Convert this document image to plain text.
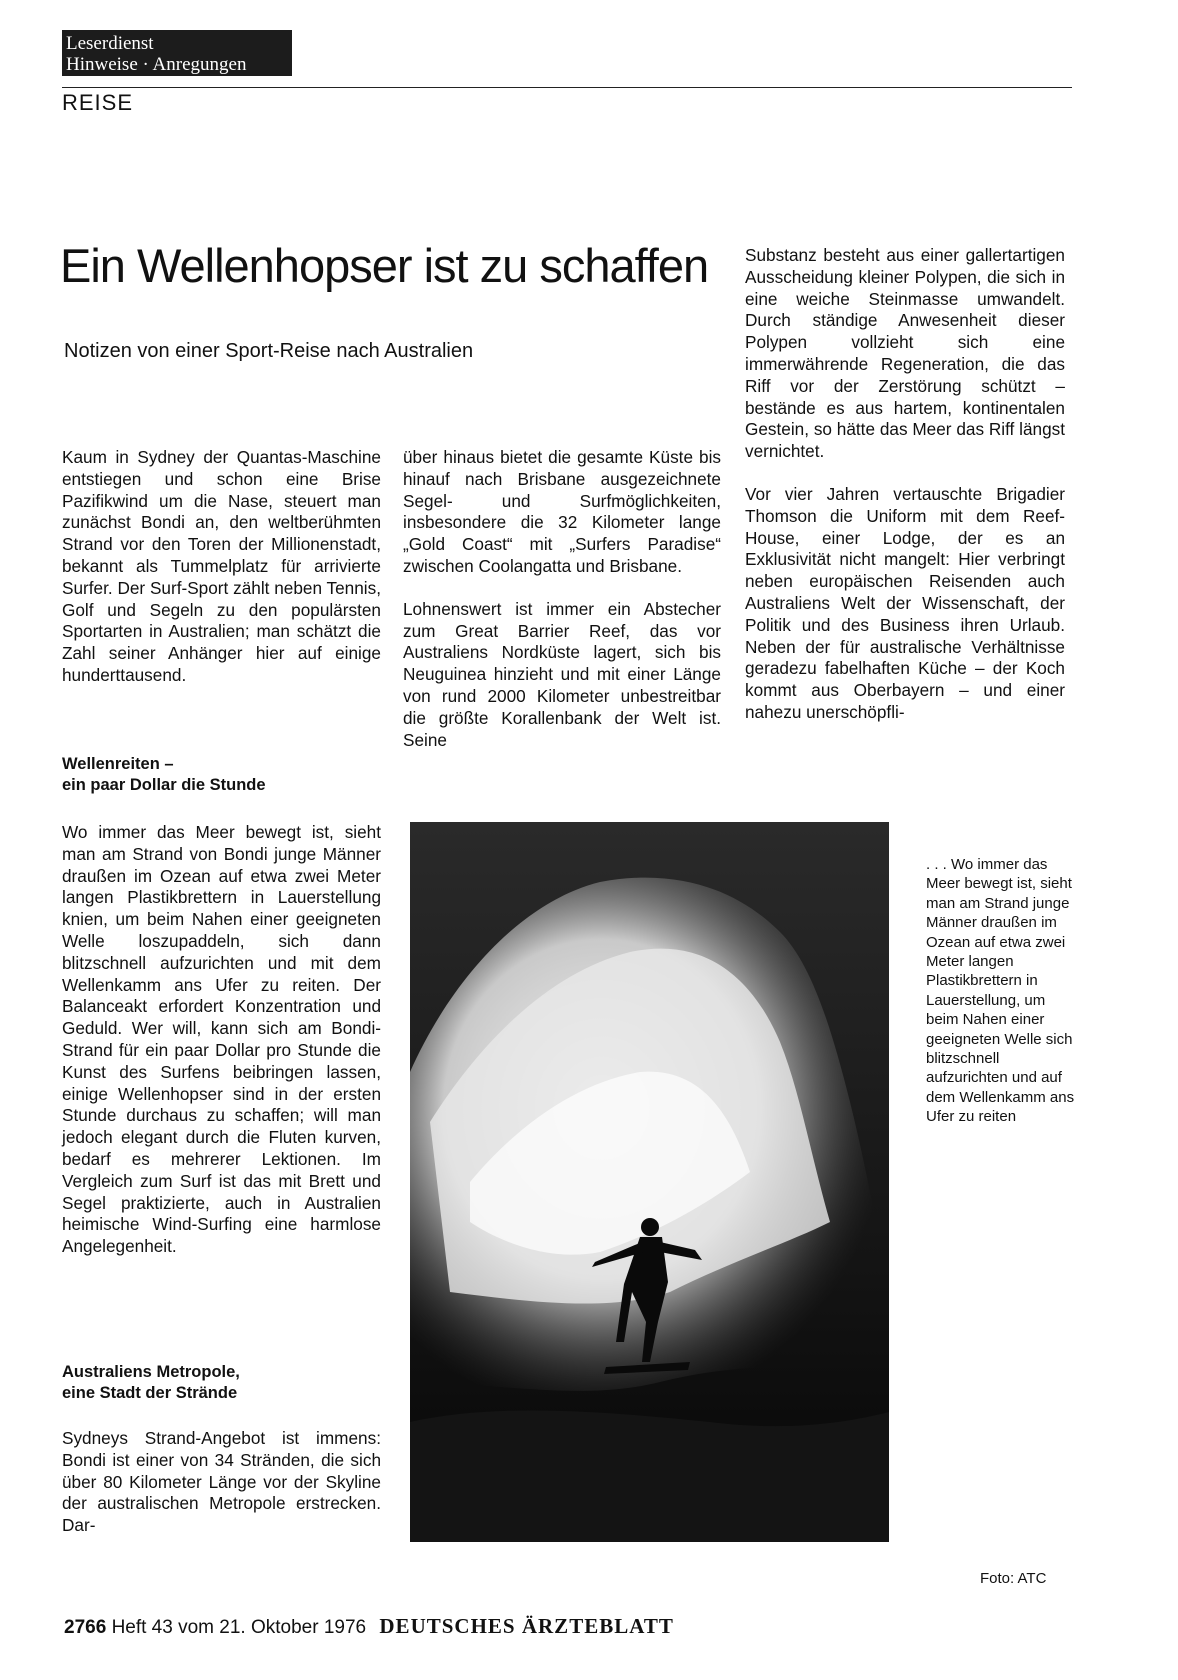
Leserdienst
Hinweise · Anregungen
REISE
Ein Wellenhopser ist zu schaffen
Notizen von einer Sport-Reise nach Australien

Kaum in Sydney der Quantas-Maschine entstiegen und schon eine Brise Pazifikwind um die Nase, steuert man zunächst Bondi an, den weltberühmten Strand vor den Toren der Millionenstadt, bekannt als Tummelplatz für arrivierte Surfer. Der Surf-Sport zählt neben Tennis, Golf und Segeln zu den populärsten Sportarten in Australien; man schätzt die Zahl seiner Anhänger hier auf einige hunderttausend.

Wellenreiten –
ein paar Dollar die Stunde

Wo immer das Meer bewegt ist, sieht man am Strand von Bondi junge Männer draußen im Ozean auf etwa zwei Meter langen Plastikbrettern in Lauerstellung knien, um beim Nahen einer geeigneten Welle loszupaddeln, sich dann blitzschnell aufzurichten und mit dem Wellenkamm ans Ufer zu reiten. Der Balanceakt erfordert Konzentration und Geduld. Wer will, kann sich am Bondi-Strand für ein paar Dollar pro Stunde die Kunst des Surfens beibringen lassen, einige Wellenhopser sind in der ersten Stunde durchaus zu schaffen; will man jedoch elegant durch die Fluten kurven, bedarf es mehrerer Lektionen. Im Vergleich zum Surf ist das mit Brett und Segel praktizierte, auch in Australien heimische Wind-Surfing eine harmlose Angelegenheit.

Australiens Metropole,
eine Stadt der Strände

Sydneys Strand-Angebot ist immens: Bondi ist einer von 34 Stränden, die sich über 80 Kilometer Länge vor der Skyline der australischen Metropole erstrecken. Dar-

über hinaus bietet die gesamte Küste bis hinauf nach Brisbane ausgezeichnete Segel- und Surfmöglichkeiten, insbesondere die 32 Kilometer lange „Gold Coast“ mit „Surfers Paradise“ zwischen Coolangatta und Brisbane.

Lohnenswert ist immer ein Abstecher zum Great Barrier Reef, das vor Australiens Nordküste lagert, sich bis Neuguinea hinzieht und mit einer Länge von rund 2000 Kilometer unbestreitbar die größte Korallenbank der Welt ist. Seine

Substanz besteht aus einer gallertartigen Ausscheidung kleiner Polypen, die sich in eine weiche Steinmasse umwandelt. Durch ständige Anwesenheit dieser Polypen vollzieht sich eine immerwährende Regeneration, die das Riff vor der Zerstörung schützt – bestände es aus hartem, kontinentalen Gestein, so hätte das Meer das Riff längst vernichtet.

Vor vier Jahren vertauschte Brigadier Thomson die Uniform mit dem Reef-House, einer Lodge, der es an Exklusivität nicht mangelt: Hier verbringt neben europäischen Reisenden auch Australiens Welt der Wissenschaft, der Politik und des Business ihren Urlaub. Neben der für australische Verhältnisse geradezu fabelhaften Küche – der Koch kommt aus Oberbayern – und einer nahezu unerschöpfli-

. . . Wo immer das Meer bewegt ist, sieht man am Strand junge Männer draußen im Ozean auf etwa zwei Meter langen Plastikbrettern in Lauerstellung, um beim Nahen einer geeigneten Welle sich blitzschnell aufzurichten und auf dem Wellenkamm ans Ufer zu reiten
Foto: ATC
2766 Heft 43 vom 21. Oktober 1976 DEUTSCHES ÄRZTEBLATT
